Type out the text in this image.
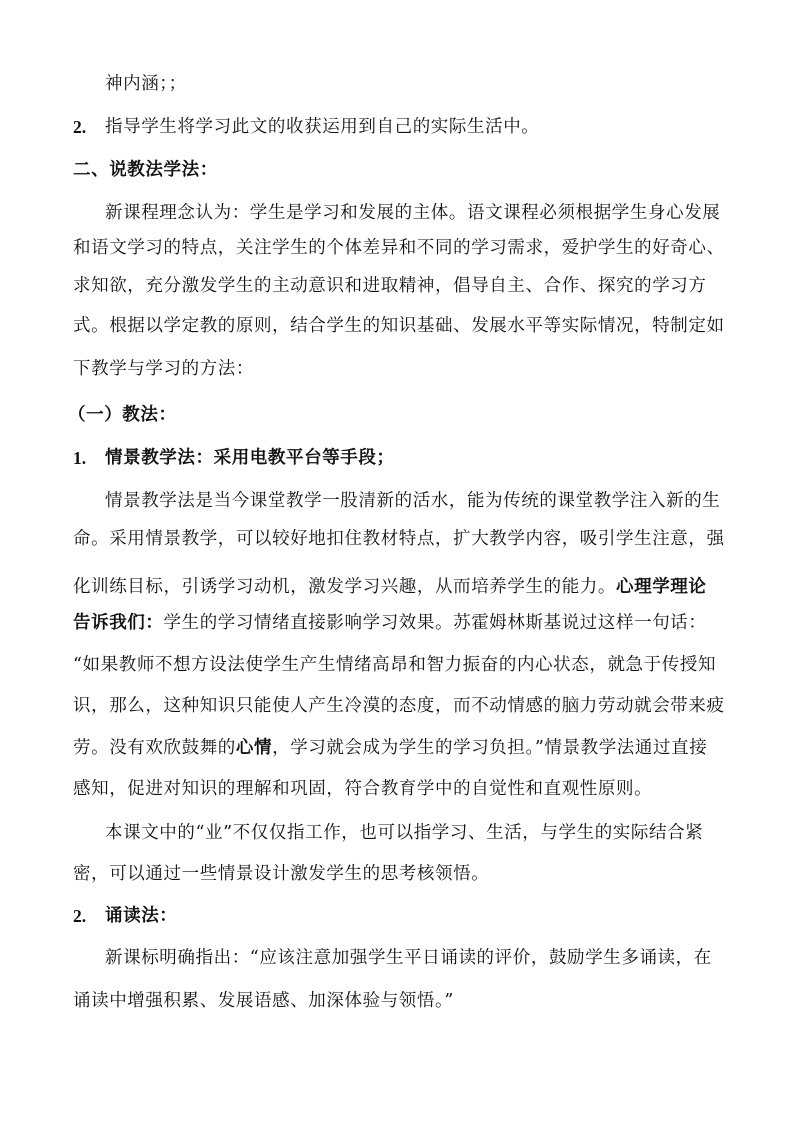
神内涵；；
2. 指导学生将学习此文的收获运用到自己的实际生活中。
二、说教法学法：
新课程理念认为：学生是学习和发展的主体。语文课程必须根据学生身心发展
和语文学习的特点，关注学生的个体差异和不同的学习需求，爱护学生的好奇心、
求知欲，充分激发学生的主动意识和进取精神，倡导自主、合作、探究的学习方
式。根据以学定教的原则，结合学生的知识基础、发展水平等实际情况，特制定如
下教学与学习的方法：
（一）教法：
1. 情景教学法：采用电教平台等手段；
情景教学法是当今课堂教学一股清新的活水，能为传统的课堂教学注入新的生
命。采用情景教学，可以较好地扣住教材特点，扩大教学内容，吸引学生注意，强
化训练目标，引诱学习动机，激发学习兴趣，从而培养学生的能力。心理学理论
告诉我们：学生的学习情绪直接影响学习效果。苏霍姆林斯基说过这样一句话：
“如果教师不想方设法使学生产生情绪高昂和智力振奋的内心状态，就急于传授知
识，那么，这种知识只能使人产生冷漠的态度，而不动情感的脑力劳动就会带来疲
劳。没有欢欣鼓舞的心情，学习就会成为学生的学习负担。”情景教学法通过直接
感知，促进对知识的理解和巩固，符合教育学中的自觉性和直观性原则。
本课文中的“业”不仅仅指工作，也可以指学习、生活，与学生的实际结合紧
密，可以通过一些情景设计激发学生的思考核领悟。
2. 诵读法：
新课标明确指出：“应该注意加强学生平日诵读的评价，鼓励学生多诵读，在
诵读中增强积累、发展语感、加深体验与领悟。”
